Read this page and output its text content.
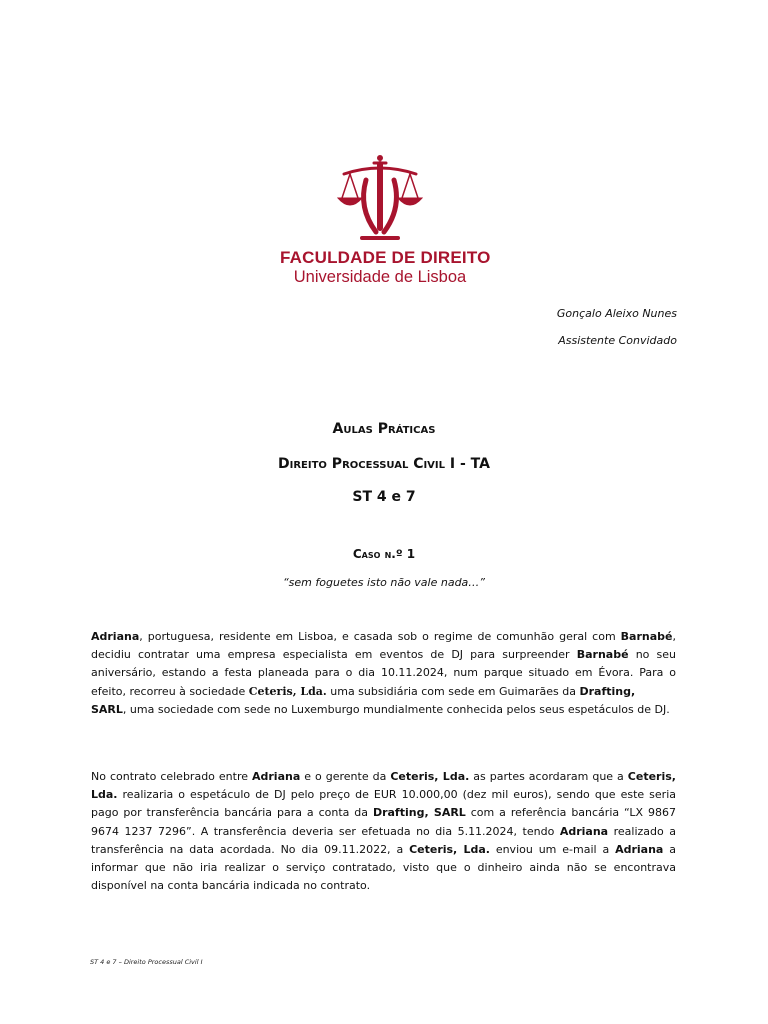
FACULDADE DE DIREITO
Universidade de Lisboa
Gonçalo Aleixo Nunes
Assistente Convidado
Aulas Práticas
Direito Processual Civil I - TA
ST 4 e 7
Caso n.º 1
“sem foguetes isto não vale nada…”

Adriana, portuguesa, residente em Lisboa, e casada sob o regime de comunhão geral com Barnabé, decidiu contratar uma empresa especialista em eventos de DJ para surpreender Barnabé no seu aniversário, estando a festa planeada para o dia 10.11.2024, num parque situado em Évora. Para o efeito, recorreu à sociedade Ceteris, Lda. uma subsidiária com sede em Guimarães da Drafting,
SARL, uma sociedade com sede no Luxemburgo mundialmente conhecida pelos seus espetáculos de DJ.

No contrato celebrado entre Adriana e o gerente da Ceteris, Lda. as partes acordaram que a Ceteris, Lda. realizaria o espetáculo de DJ pelo preço de EUR 10.000,00 (dez mil euros), sendo que este seria pago por transferência bancária para a conta da Drafting, SARL com a referência bancária “LX 9867 9674 1237 7296”. A transferência deveria ser efetuada no dia 5.11.2024, tendo Adriana realizado a transferência na data acordada. No dia 09.11.2022, a Ceteris, Lda. enviou um e-mail a Adriana a informar que não iria realizar o serviço contratado, visto que o dinheiro ainda não se encontrava disponível na conta bancária indicada no contrato.

ST 4 e 7 – Direito Processual Civil I
